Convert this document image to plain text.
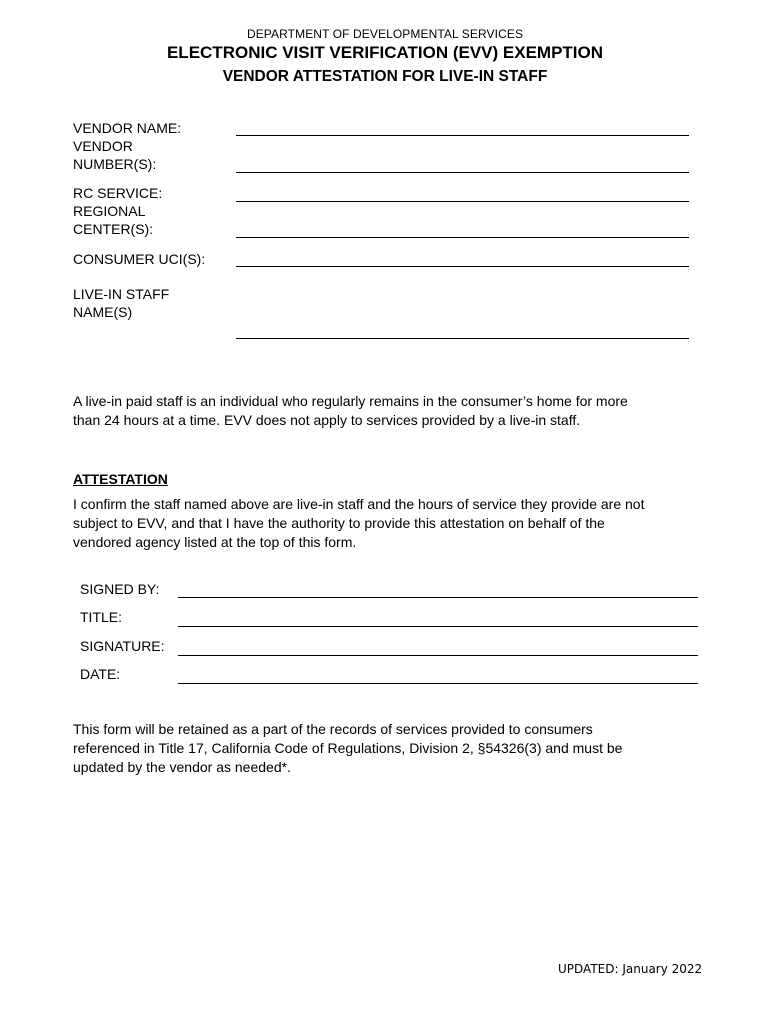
DEPARTMENT OF DEVELOPMENTAL SERVICES
ELECTRONIC VISIT VERIFICATION (EVV) EXEMPTION
VENDOR ATTESTATION FOR LIVE-IN STAFF
VENDOR NAME:
VENDOR
NUMBER(S):
RC SERVICE:
REGIONAL
CENTER(S):
CONSUMER UCI(S):
LIVE-IN STAFF
NAME(S)
A live-in paid staff is an individual who regularly remains in the consumer’s home for more
than 24 hours at a time. EVV does not apply to services provided by a live-in staff.
ATTESTATION
I confirm the staff named above are live-in staff and the hours of service they provide are not
subject to EVV, and that I have the authority to provide this attestation on behalf of the
vendored agency listed at the top of this form.
SIGNED BY:
TITLE:
SIGNATURE:
DATE:
This form will be retained as a part of the records of services provided to consumers
referenced in Title 17, California Code of Regulations, Division 2, §54326(3) and must be
updated by the vendor as needed*.
UPDATED: January 2022
